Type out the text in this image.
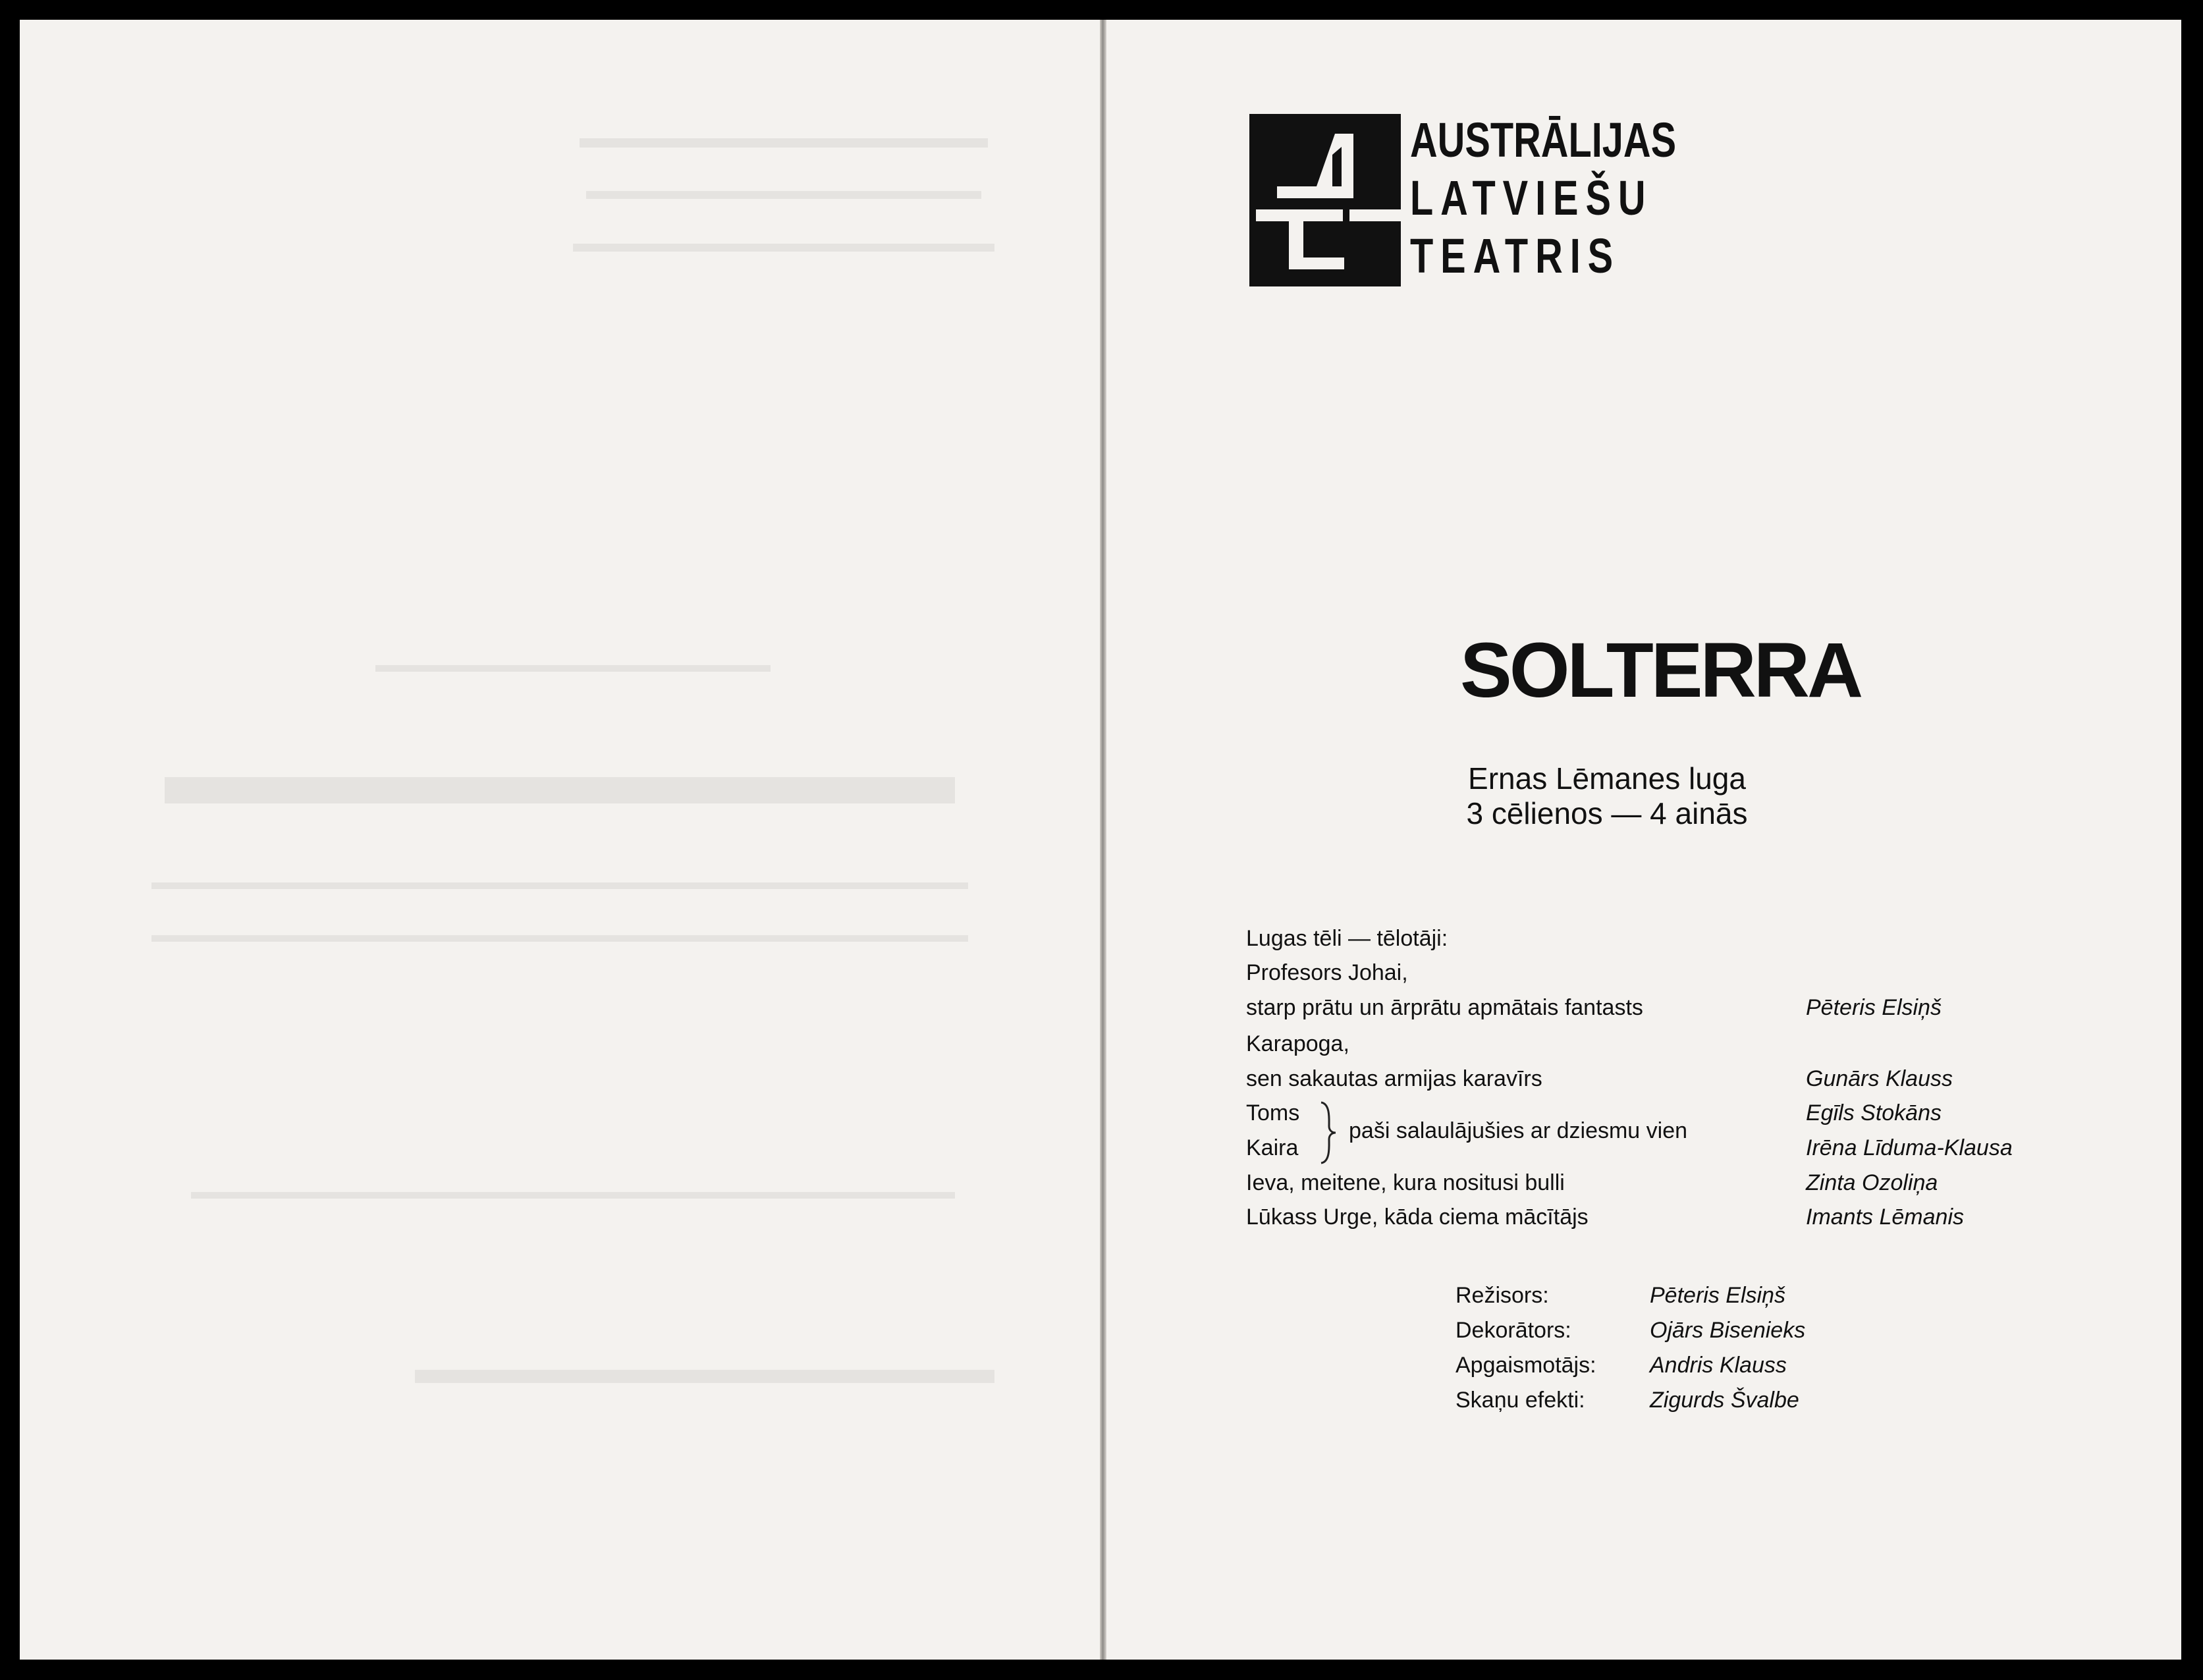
AUSTRĀLIJAS
LATVIEŠU
TEATRIS
SOLTERRA
Ernas Lēmanes luga
3 cēlienos — 4 ainās
Lugas tēli — tēlotāji:
Profesors Johai,
starp prātu un ārprātu apmātais fantasts	Pēteris Elsiņš
Karapoga,
sen sakautas armijas karavīrs	Gunārs Klauss
Toms	Egīls Stokāns
paši salaulājušies ar dziesmu vien
Kaira	Irēna Līduma-Klausa
Ieva, meitene, kura nositusi bulli	Zinta Ozoliņa
Lūkass Urge, kāda ciema mācītājs	Imants Lēmanis
Režisors:	Pēteris Elsiņš
Dekorātors:	Ojārs Bisenieks
Apgaismotājs: Andris Klauss
Skaņu efekti:	Zigurds Švalbe
